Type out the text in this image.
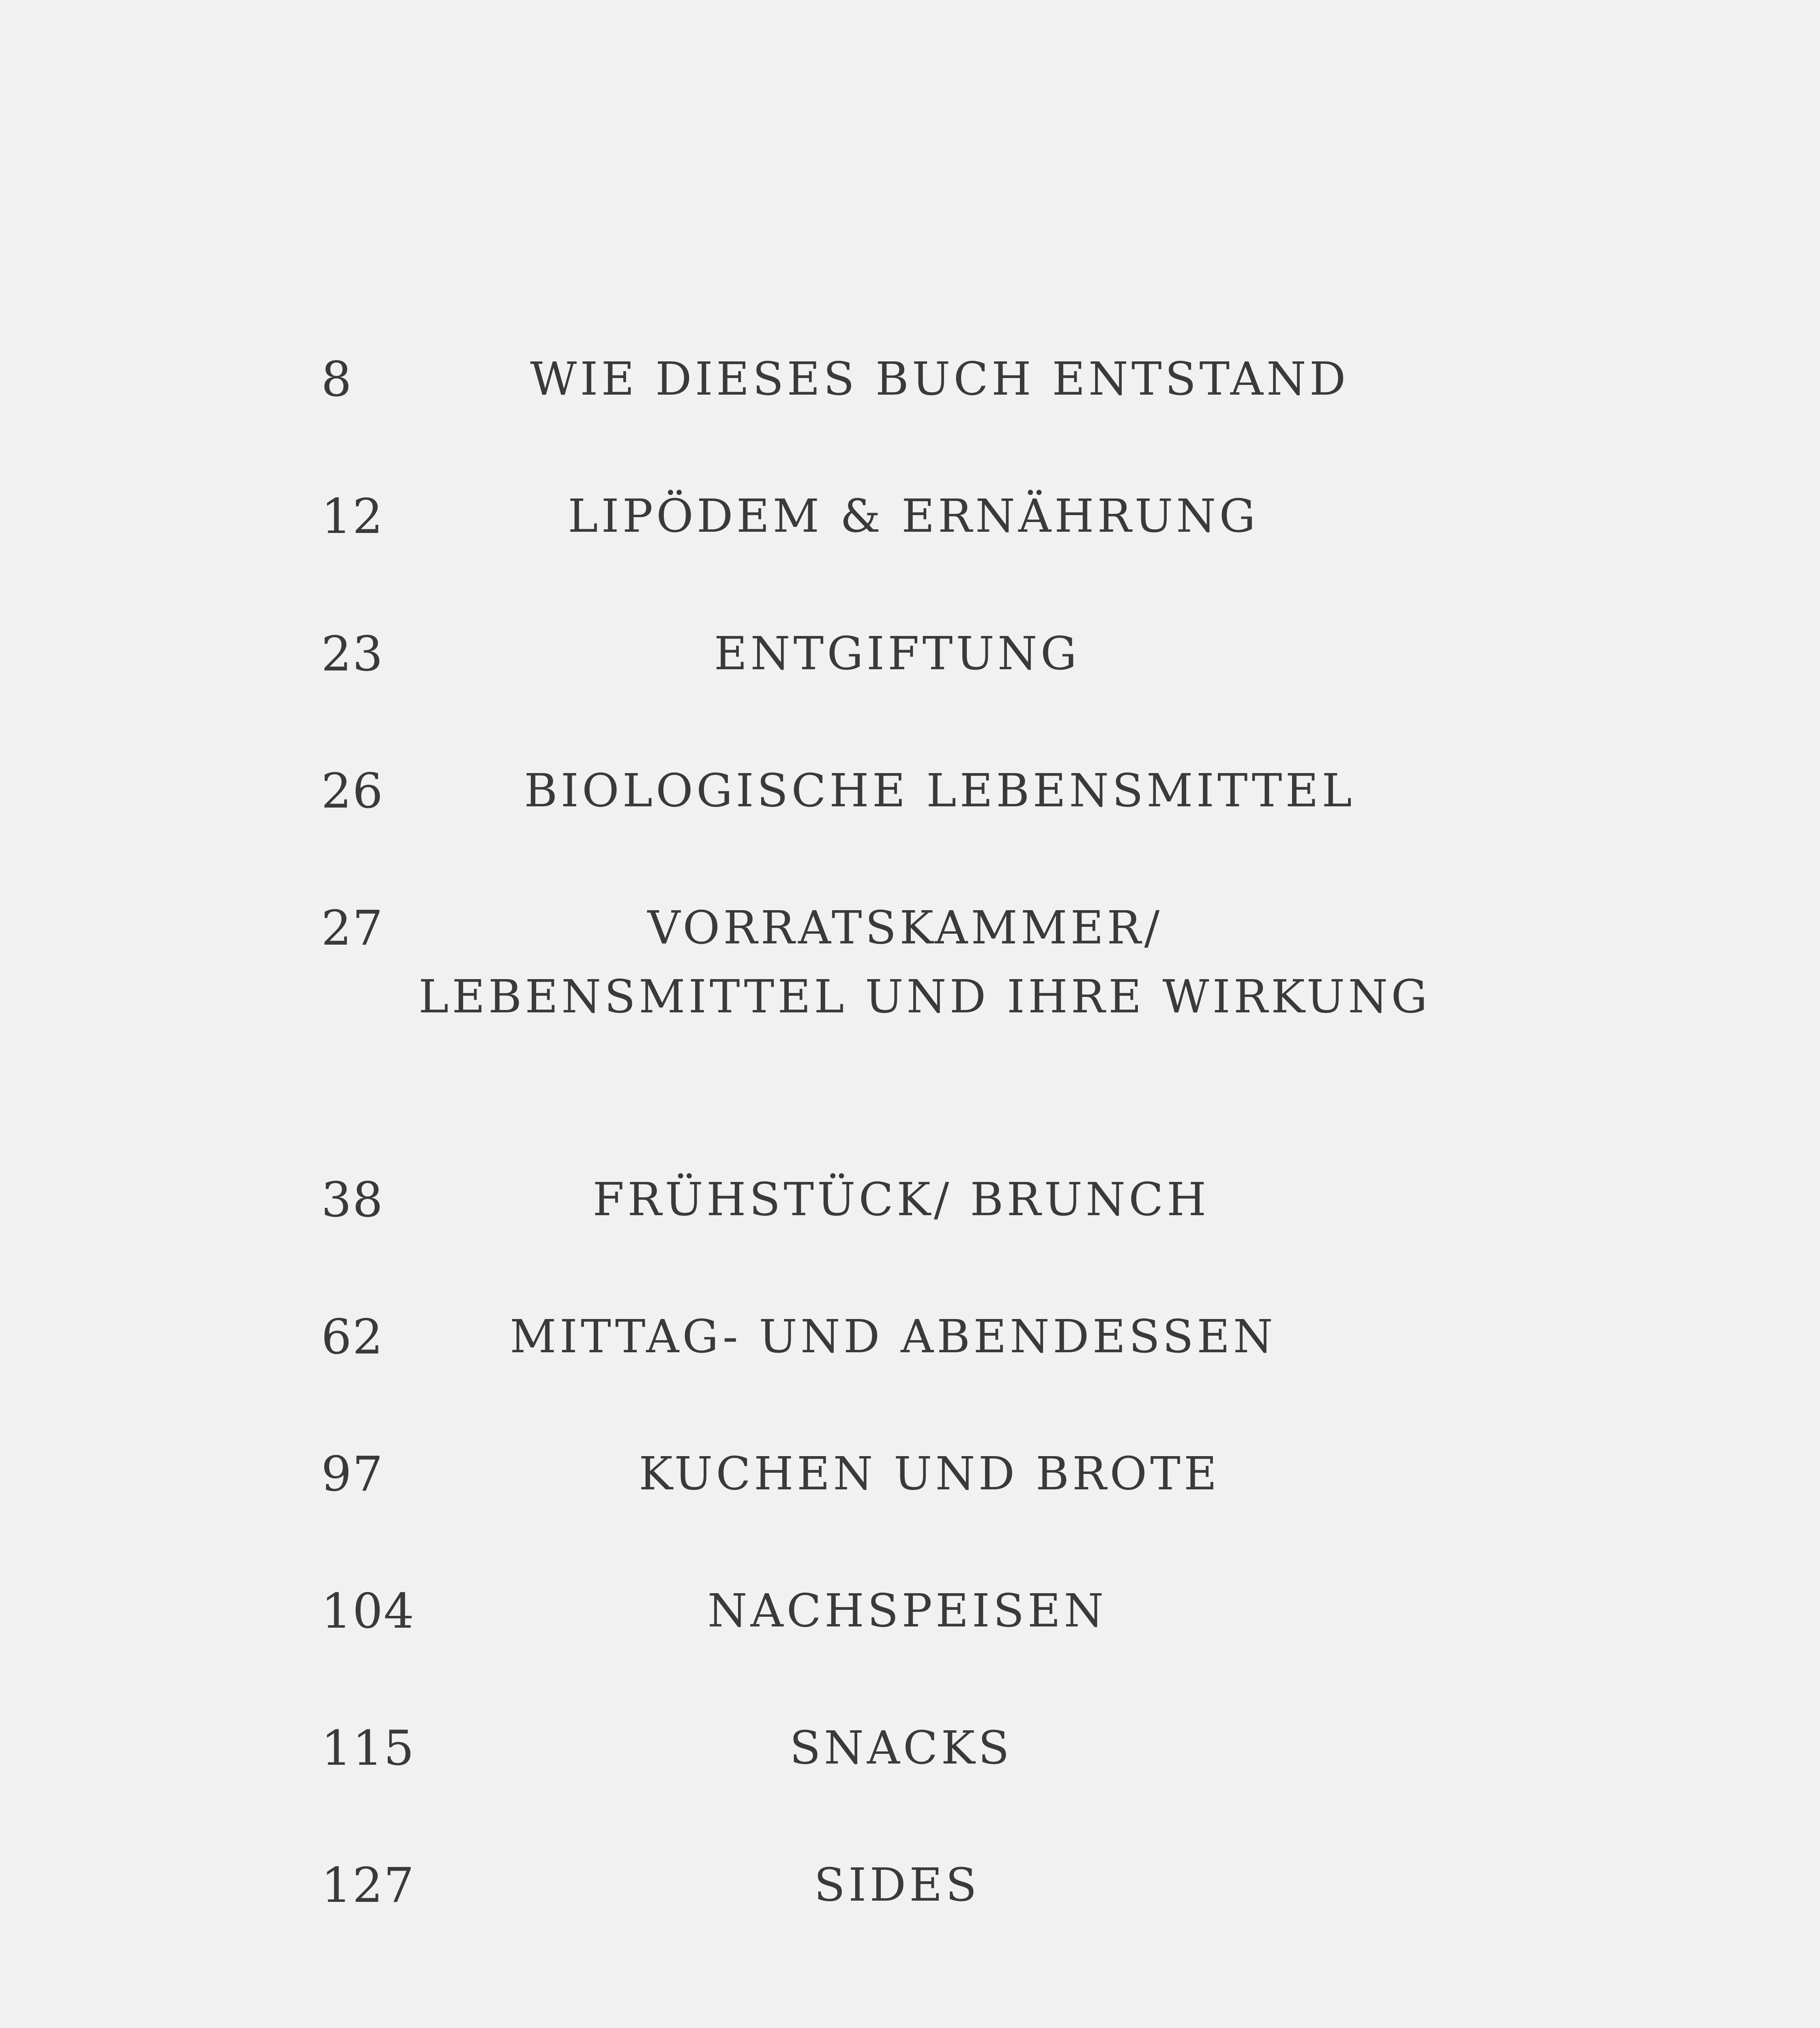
8	WIE DIESES BUCH ENTSTAND
12	LIPÖDEM & ERNÄHRUNG
23	ENTGIFTUNG
26	BIOLOGISCHE LEBENSMITTEL
27	VORRATSKAMMER/
LEBENSMITTEL UND IHRE WIRKUNG
38	FRÜHSTÜCK/ BRUNCH
62	MITTAG- UND ABENDESSEN
97	KUCHEN UND BROTE
104	NACHSPEISEN
115	SNACKS
127	SIDES
